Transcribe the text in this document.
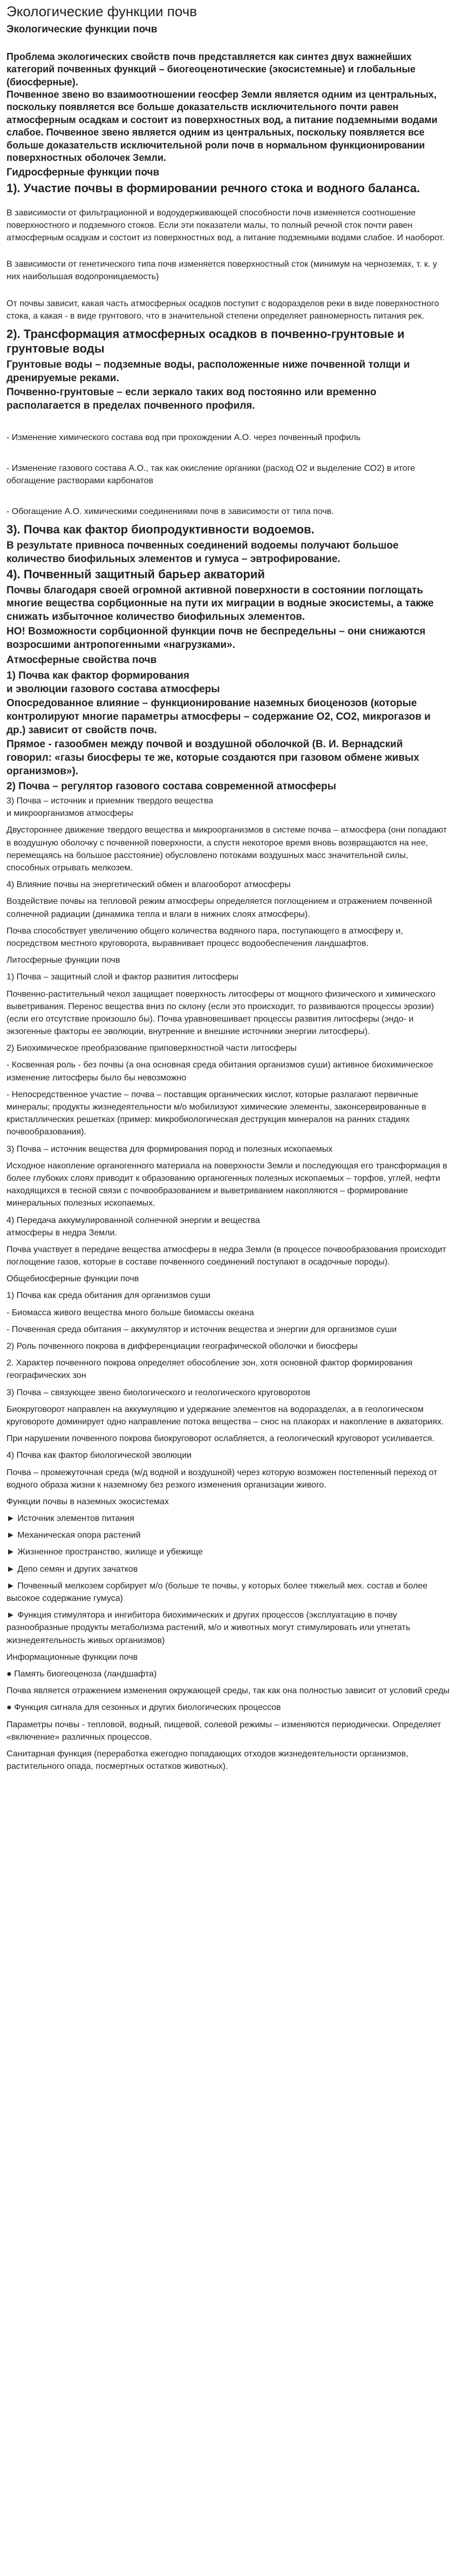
Экологические функции почв
Экологические функции почв

Проблема экологических свойств почв представляется как синтез двух важнейших категорий почвенных функций – биогеоценотические (экосистемные) и глобальные (биосферные).

Почвенное звено во взаимоотношении геосфер Земли является одним из центральных, поскольку появляется все больше доказательств исключительного почти равен атмосферным осадкам и состоит из поверхностных вод, а питание подземными водами слабое. Почвенное звено является одним из центральных, поскольку появляется все больше доказательств исключительной роли почв в нормальном функционировании поверхностных оболочек Земли.

Гидросферные функции почв
1). Участие почвы в формировании речного стока и водного баланса.

В зависимости от фильтрационной и водоудерживающей способности почв изменяется соотношение поверхностного и подземного стоков. Если эти показатели малы, то полный речной сток почти равен атмосферным осадкам и состоит из поверхностных вод, а питание подземными водами слабое. И наоборот.

В зависимости от генетического типа почв изменяется поверхностный сток (минимум на черноземах, т. к. у них наибольшая водопроницаемость)

От почвы зависит, какая часть атмосферных осадков поступит с водоразделов реки в виде поверхностного стока, а какая - в виде грунтового, что в значительной степени определяет равномерность питания рек.

2). Трансформация атмосферных осадков в почвенно-грунтовые и грунтовые воды
Грунтовые воды – подземные воды, расположенные ниже почвенной толщи и дренируемые реками.
Почвенно-грунтовые – если зеркало таких вод постоянно или временно располагается в пределах почвенного профиля.

- Изменение химического состава вод при прохождении А.О. через почвенный профиль

- Изменение газового состава А.О., так как окисление органики (расход О2 и выделение СО2) в итоге обогащение растворами карбонатов

- Обогащение А.О. химическими соединениями почв в зависимости от типа почв.

3). Почва как фактор биопродуктивности водоемов.
В результате привноса почвенных соединений водоемы получают большое количество биофильных элементов и гумуса – эвтрофирование.
4). Почвенный защитный барьер акваторий
Почвы благодаря своей огромной активной поверхности в состоянии поглощать многие вещества сорбционные на пути их миграции в водные экосистемы, а также снижать избыточное количество биофильных элементов.
НО! Возможности сорбционной функции почв не беспредельны – они снижаются возросшими антропогенными «нагрузками».
Атмосферные свойства почв
1) Почва как фактор формирования
и эволюции газового состава атмосферы
Опосредованное влияние – функционирование наземных биоценозов (которые контролируют многие параметры атмосферы – содержание О2, СО2, микрогазов и др.) зависит от свойств почв.
Прямое - газообмен между почвой и воздушной оболочкой (В. И. Вернадский говорил: «газы биосферы те же, которые создаются при газовом обмене живых организмов»).
2) Почва – регулятор газового состава современной атмосферы

3) Почва – источник и приемник твердого вещества
и микроорганизмов атмосферы

Двустороннее движение твердого вещества и микроорганизмов в системе почва – атмосфера (они попадают в воздушную оболочку с почвенной поверхности, а спустя некоторое время вновь возвращаются на нее, перемещаясь на большое расстояние) обусловлено потоками воздушных масс значительной силы, способных отрывать мелкозем.

4) Влияние почвы на энергетический обмен и влагооборот атмосферы

Воздействие почвы на тепловой режим атмосферы определяется поглощением и отражением почвенной солнечной радиации (динамика тепла и влаги в нижних слоях атмосферы).

Почва способствует увеличению общего количества водяного пара, поступающего в атмосферу и, посредством местного круговорота, выравнивает процесс водообеспечения ландшафтов.

Литосферные функции почв

1) Почва – защитный слой и фактор развития литосферы

Почвенно-растительный чехол защищает поверхность литосферы от мощного физического и химического выветривания. Перенос вещества вниз по склону (если это происходит, то развиваются процессы эрозии) (если его отсутствие произошло бы). Почва уравновешивает процессы развития литосферы (эндо- и экзогенные факторы ее эволюции, внутренние и внешние источники энергии литосферы).

2) Биохимическое преобразование приповерхностной части литосферы

- Косвенная роль - без почвы (а она основная среда обитания организмов суши) активное биохимическое изменение литосферы было бы невозможно

- Непосредственное участие – почва – поставщик органических кислот, которые разлагают первичные минералы; продукты жизнедеятельности м/о мобилизуют химические элементы, законсервированные в кристаллических решетках (пример: микробиологическая деструкция минералов на ранних стадиях почвообразования).

3) Почва – источник вещества для формирования пород и полезных ископаемых

Исходное накопление органогенного материала на поверхности Земли и последующая его трансформация в более глубоких слоях приводит к образованию органогенных полезных ископаемых – торфов, углей, нефти находящихся в тесной связи с почвообразованием и выветриванием накопляются – формирование минеральных полезных ископаемых.

4) Передача аккумулированной солнечной энергии и вещества
атмосферы в недра Земли.

Почва участвует в передаче вещества атмосферы в недра Земли (в процессе почвообразования происходит поглощение газов, которые в составе почвенного соединений поступают в осадочные породы).

Общебиосферные функции почв

1) Почва как среда обитания для организмов суши

- Биомасса живого вещества много больше биомассы океана

- Почвенная среда обитания – аккумулятор и источник вещества и энергии для организмов суши

2) Роль почвенного покрова в дифференциации географической оболочки и биосферы

2. Характер почвенного покрова определяет обособление зон, хотя основной фактор формирования географических зон

3) Почва – связующее звено биологического и геологического круговоротов

Биокруговорот направлен на аккумуляцию и удержание элементов на водоразделах, а в геологическом круговороте доминирует одно направление потока вещества – снос на плакорах и накопление в акваториях.

При нарушении почвенного покрова биокруговорот ослабляется, а геологический круговорот усиливается.

4) Почва как фактор биологической эволюции

Почва – промежуточная среда (м/д водной и воздушной) через которую возможен постепенный переход от водного образа жизни к наземному без резкого изменения организации живого.

Функции почвы в наземных экосистемах

► Источник элементов питания

► Механическая опора растений

► Жизненное пространство, жилище и убежище

► Депо семян и других зачатков

► Почвенный мелкозем сорбирует м/о (больше те почвы, у которых более тяжелый мех. состав и более высокое содержание гумуса)

► Функция стимулятора и ингибитора биохимических и других процессов (эксплуатацию в почву разнообразные продукты метаболизма растений, м/о и животных могут стимулировать или угнетать жизнедеятельность живых организмов)

Информационные функции почв

● Память биогеоценоза (ландшафта)

Почва является отражением изменения окружающей среды, так как она полностью зависит от условий среды

● Функция сигнала для сезонных и других биологических процессов

Параметры почвы - тепловой, водный, пищевой, солевой режимы – изменяются периодически. Определяет «включение» различных процессов.

Санитарная функция (переработка ежегодно попадающих отходов жизнедеятельности организмов, растительного опада, посмертных остатков животных).
